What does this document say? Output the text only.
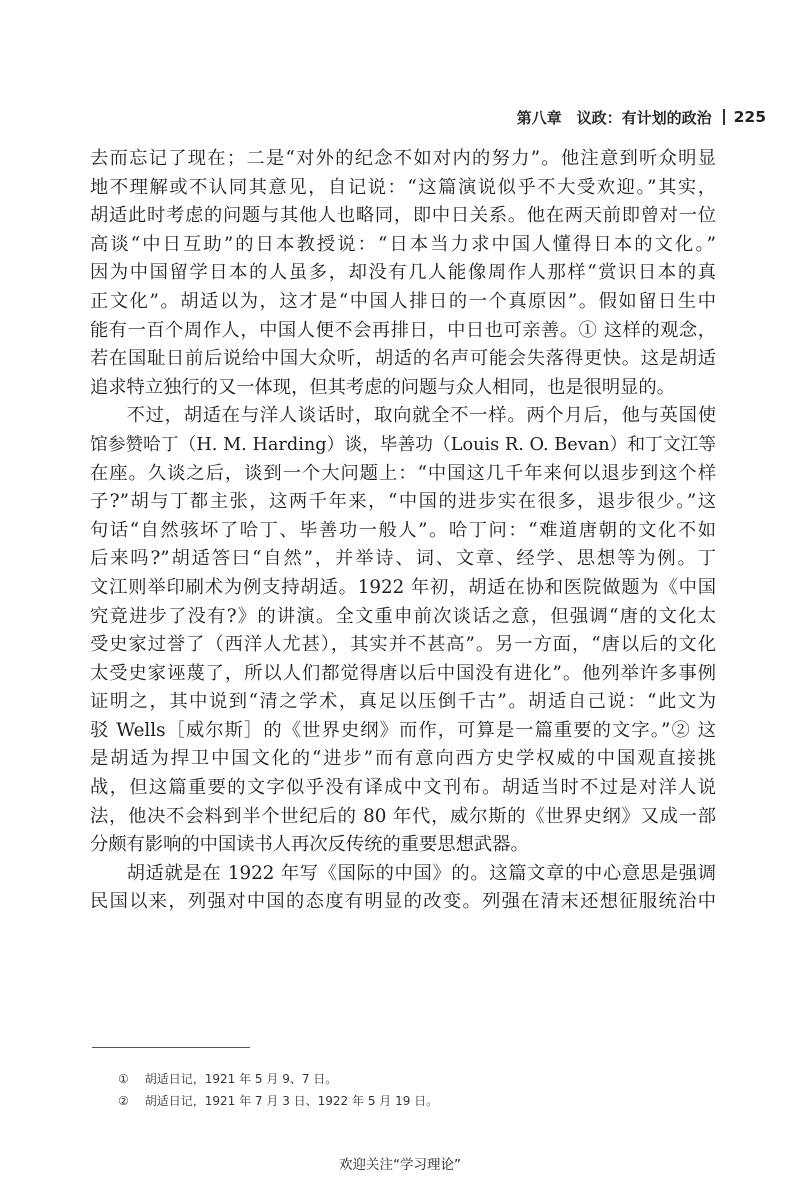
第八章　议政：有计划的政治 225
去而忘记了现在；二是“对外的纪念不如对内的努力”。他注意到听众明显
地不理解或不认同其意见，自记说：“这篇演说似乎不大受欢迎。”其实，
胡适此时考虑的问题与其他人也略同，即中日关系。他在两天前即曾对一位
高谈“中日互助”的日本教授说：“日本当力求中国人懂得日本的文化。”
因为中国留学日本的人虽多，却没有几人能像周作人那样“赏识日本的真
正文化”。胡适以为，这才是“中国人排日的一个真原因”。假如留日生中
能有一百个周作人，中国人便不会再排日，中日也可亲善。① 这样的观念，
若在国耻日前后说给中国大众听，胡适的名声可能会失落得更快。这是胡适
追求特立独行的又一体现，但其考虑的问题与众人相同，也是很明显的。
不过，胡适在与洋人谈话时，取向就全不一样。两个月后，他与英国使
馆参赞哈丁（H. M. Harding）谈，毕善功（Louis R. O. Bevan）和丁文江等
在座。久谈之后，谈到一个大问题上：“中国这几千年来何以退步到这个样
子?”胡与丁都主张，这两千年来，“中国的进步实在很多，退步很少。”这
句话“自然骇坏了哈丁、毕善功一般人”。哈丁问：“难道唐朝的文化不如
后来吗?”胡适答曰“自然”，并举诗、词、文章、经学、思想等为例。丁
文江则举印刷术为例支持胡适。1922 年初，胡适在协和医院做题为《中国
究竟进步了没有?》的讲演。全文重申前次谈话之意，但强调“唐的文化太
受史家过誉了（西洋人尤甚），其实并不甚高”。另一方面，“唐以后的文化
太受史家诬蔑了，所以人们都觉得唐以后中国没有进化”。他列举许多事例
证明之，其中说到“清之学术，真足以压倒千古”。胡适自己说：“此文为
驳 Wells［威尔斯］的《世界史纲》而作，可算是一篇重要的文字。”② 这
是胡适为捍卫中国文化的“进步”而有意向西方史学权威的中国观直接挑
战，但这篇重要的文字似乎没有译成中文刊布。胡适当时不过是对洋人说
法，他决不会料到半个世纪后的 80 年代，威尔斯的《世界史纲》又成一部
分颇有影响的中国读书人再次反传统的重要思想武器。
胡适就是在 1922 年写《国际的中国》的。这篇文章的中心意思是强调
民国以来，列强对中国的态度有明显的改变。列强在清末还想征服统治中
① 胡适日记，1921 年 5 月 9、7 日。
② 胡适日记，1921 年 7 月 3 日、1922 年 5 月 19 日。
欢迎关注“学习理论”
